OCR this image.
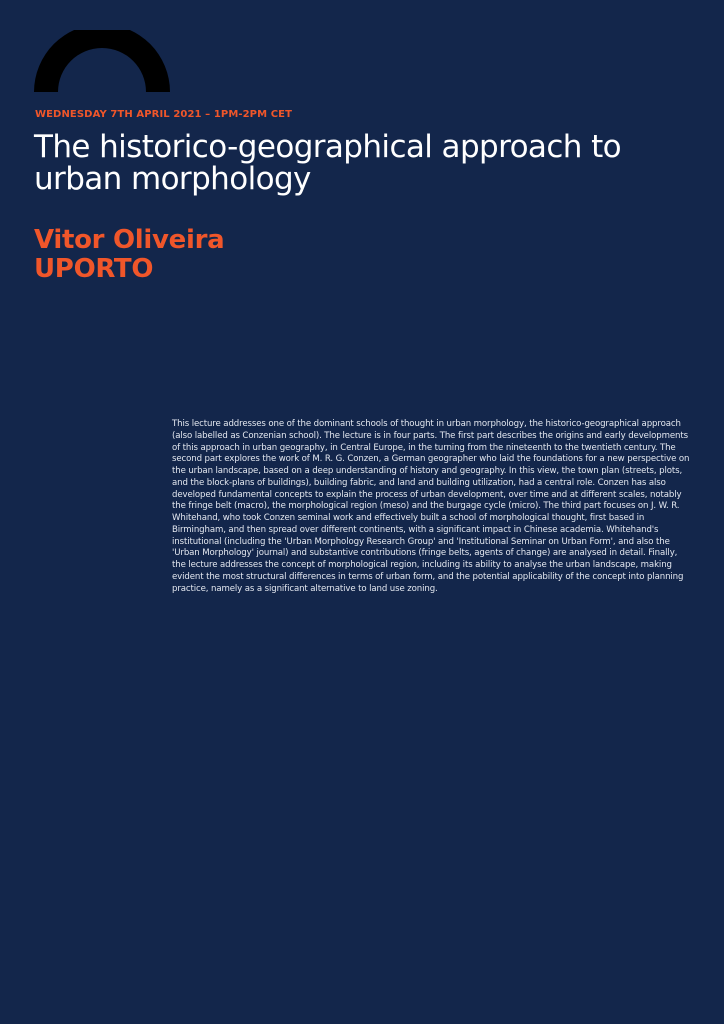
WEDNESDAY 7TH APRIL 2021 – 1PM-2PM CET
The historico-geographical approach to urban morphology
Vitor Oliveira
UPORTO

This lecture addresses one of the dominant schools of thought in urban morphology, the historico-geographical approach (also labelled as Conzenian school). The lecture is in four parts. The first part describes the origins and early developments of this approach in urban geography, in Central Europe, in the turning from the nineteenth to the twentieth century. The second part explores the work of M. R. G. Conzen, a German geographer who laid the foundations for a new perspective on the urban landscape, based on a deep understanding of history and geography. In this view, the town plan (streets, plots, and the block-plans of buildings), building fabric, and land and building utilization, had a central role. Conzen has also developed fundamental concepts to explain the process of urban development, over time and at different scales, notably the fringe belt (macro), the morphological region (meso) and the burgage cycle (micro). The third part focuses on J. W. R. Whitehand, who took Conzen seminal work and effectively built a school of morphological thought, first based in Birmingham, and then spread over different continents, with a significant impact in Chinese academia. Whitehand's institutional (including the 'Urban Morphology Research Group' and 'Institutional Seminar on Urban Form', and also the 'Urban Morphology' journal) and substantive contributions (fringe belts, agents of change) are analysed in detail. Finally, the lecture addresses the concept of morphological region, including its ability to analyse the urban landscape, making evident the most structural differences in terms of urban form, and the potential applicability of the concept into planning practice, namely as a significant alternative to land use zoning.
